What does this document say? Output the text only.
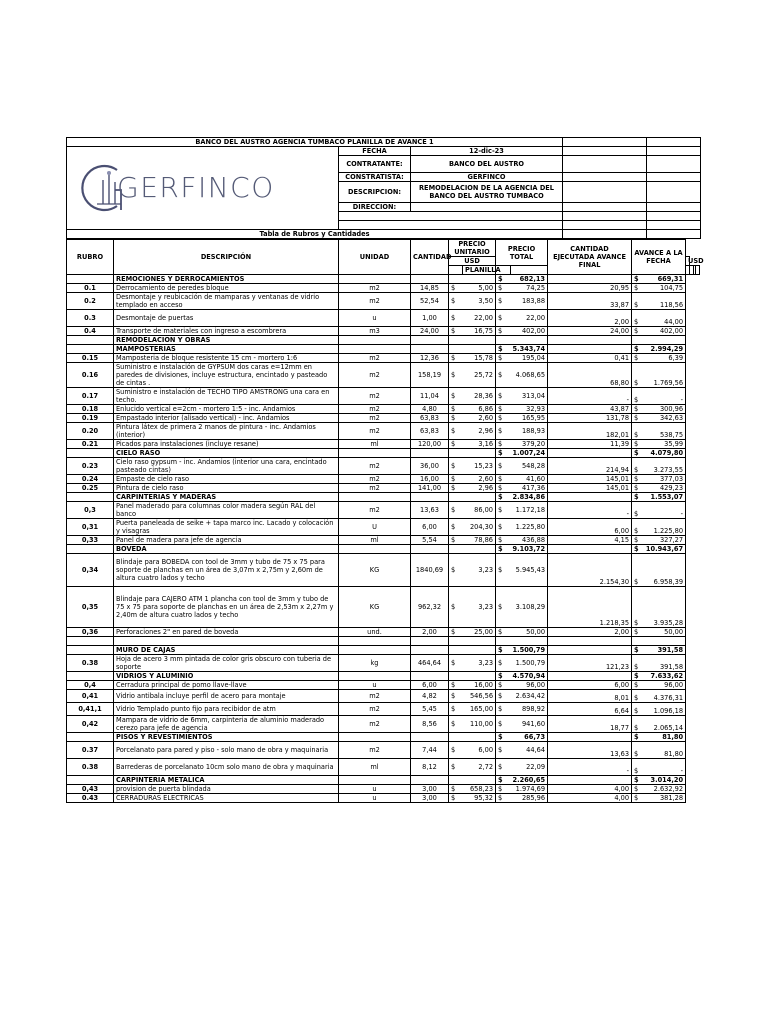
BANCO DEL AUSTRO AGENCIA TUMBACO PLANILLA DE AVANCE 1				

GERFINCO	FECHA	12-dic-23		
	CONTRATANTE:	BANCO DEL AUSTRO		
	CONSTRATISTA:	GERFINCO		
	DESCRIPCION:	REMODELACION DE LA AGENCIA DEL BANCO DEL AUSTRO TUMBACO		
	DIRECCION:			

Tabla de Rubros y Cantidades				
RUBRO	DESCRIPCIÓN	UNIDAD	CANTIDAD	PRECIO UNITARIO		PRECIO TOTAL		CANTIDAD EJECUTADA AVANCE FINAL	AVANCE A LA FECHA								
				USD							USD						
					PLANILLA									
	REMOCIONES Y DERROCAMIENTOS					$	682,13		$	669,31							
0.1	Derrocamiento de peredes bloque	m2	14,85	$	5,00	$	74,25	20,95	$	104,75							
0.2	Desmontaje y reubicación de mamparas y ventanas de vidrio templado en acceso	m2	52,54	$	3,50	$	183,88	33,87	$	118,56							
0.3	Desmontaje de puertas	u	1,00	$	22,00	$	22,00	2,00	$	44,00							
0.4	Transporte de materiales con ingreso a escombrera	m3	24,00	$	16,75	$	402,00	24,00	$	402,00							
	REMODELACION Y OBRAS																
	MAMPOSTERIAS					$	5.343,74		$	2.994,29							
0.15	Mamposteria de bloque resistente 15 cm - mortero 1:6	m2	12,36	$	15,78	$	195,04	0,41	$	6,39							
0.16	Suministro e instalación de GYPSUM dos caras e=12mm en paredes de divisiones, incluye estructura, encintado y pasteado de cintas .	m2	158,19	$	25,72	$	4.068,65	68,80	$	1.769,56							
0.17	Suministro e instalación de TECHO TIPO AMSTRONG una cara en techo.	m2	11,04	$	28,36	$	313,04	-	$	-							
0.18	Enlucido vertical e=2cm - mortero 1:5 - inc. Andamios	m2	4,80	$	6,86	$	32,93	43,87	$	300,96							
0.19	Empastado interior (alisado vertical) - inc. Andamios	m2	63,83	$	2,60	$	165,95	131,78	$	342,63							
0.20	Pintura látex de primera 2 manos de pintura - inc. Andamios (interior)	m2	63,83	$	2,96	$	188,93	182,01	$	538,75							
0.21	Picados para instalaciones (incluye resane)	ml	120,00	$	3,16	$	379,20	11,39	$	35,99							
	CIELO RASO					$	1.007,24		$	4.079,80							
0.23	Cielo raso gypsum - inc. Andamios (interior una cara, encintado pasteado cintas)	m2	36,00	$	15,23	$	548,28	214,94	$	3.273,55							
0.24	Empaste de cielo raso	m2	16,00	$	2,60	$	41,60	145,01	$	377,03							
0.25	Pintura de cielo raso	m2	141,00	$	2,96	$	417,36	145,01	$	429,23							
	CARPINTERIAS Y MADERAS					$	2.834,86		$	1.553,07							
0,3	Panel maderado para columnas color madera según RAL del banco	m2	13,63	$	86,00	$	1.172,18	-	$	-							
0,31	Puerta paneleada de seike + tapa marco inc. Lacado y colocación y visagras	U	6,00	$	204,30	$	1.225,80	6,00	$	1.225,80							
0,33	Panel de madera para jefe de agencia	ml	5,54	$	78,86	$	436,88	4,15	$	327,27							
	BOVEDA					$	9.103,72		$	10.943,67							
0,34	Blindaje para BOBEDA con tool de 3mm y tubo de 75 x 75 para soporte de planchas en un área de 3,07m x 2,75m y 2,60m de altura cuatro lados y techo	KG	1840,69	$	3,23	$	5.945,43	2.154,30	$	6.958,39							
0,35	Blindaje para CAJERO ATM 1 plancha con tool de 3mm y tubo de 75 x 75 para soporte de planchas en un área de 2,53m x 2,27m y 2,40m de altura cuatro lados y techo	KG	962,32	$	3,23	$	3.108,29	1.218,35	$	3.935,28							
0,36	Perforaciones 2" en pared de boveda	und.	2,00	$	25,00	$	50,00	2,00	$	50,00							

	MURO DE CAJAS					$	1.500,79		$	391,58							
0.38	Hoja de acero 3 mm pintada de color gris obscuro con tuberia de soporte	kg	464,64	$	3,23	$	1.500,79	121,23	$	391,58							
	VIDRIOS Y ALUMINIO					$	4.570,94		$	7.633,62							
0,4	Cerradura principal de pomo llave-llave	u	6,00	$	16,00	$	96,00	6,00	$	96,00							
0,41	Vidrio antibala incluye perfil de acero para montaje	m2	4,82	$	546,56	$	2.634,42	8,01	$	4.376,31							
0,41,1	Vidrio Templado punto fijo para recibidor de atm	m2	5,45	$	165,00	$	898,92	6,64	$	1.096,18							
0,42	Mampara de vidrio de 6mm, carpinteria de aluminio maderado cerezo para jefe de agencia	m2	8,56	$	110,00	$	941,60	18,77	$	2.065,14							
	PISOS Y REVESTIMIENTOS					$	66,73		$	81,80							
0.37	Porcelanato para pared y piso - solo mano de obra y maquinaria	m2	7,44	$	6,00	$	44,64	13,63	$	81,80							
0.38	Barrederas de porcelanato 10cm solo mano de obra y maquinaria	ml	8,12	$	2,72	$	22,09	-	$	-							
	CARPINTERIA METALICA					$	2.260,65		$	3.014,20							
0,43	provision de puerta blindada	u	3,00	$	658,23	$	1.974,69	4,00	$	2.632,92							
0.43	CERRADURAS ELECTRICAS	u	3,00	$	95,32	$	285,96	4,00	$	381,28							
